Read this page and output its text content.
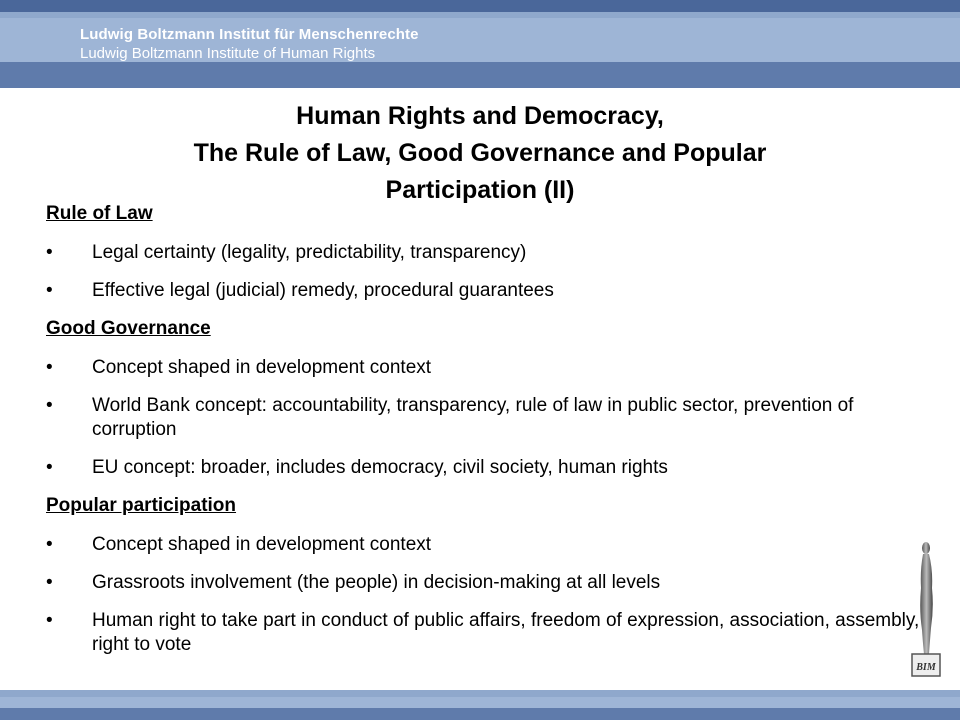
Ludwig Boltzmann Institut für Menschenrechte
Ludwig Boltzmann Institute of Human Rights
Human Rights and Democracy,
The Rule of Law, Good Governance and Popular
Participation (II)
Rule of Law
•	Legal certainty (legality, predictability, transparency)
•	Effective legal (judicial) remedy, procedural guarantees
Good Governance
•	Concept shaped in development context
•	World Bank concept: accountability, transparency, rule of law in public sector, prevention of corruption
•	EU concept: broader, includes democracy, civil society, human rights
Popular participation
•	Concept shaped in development context
•	Grassroots involvement (the people) in decision-making at all levels
•	Human right to take part in conduct of public affairs, freedom of expression, association, assembly, right to vote
BIM
